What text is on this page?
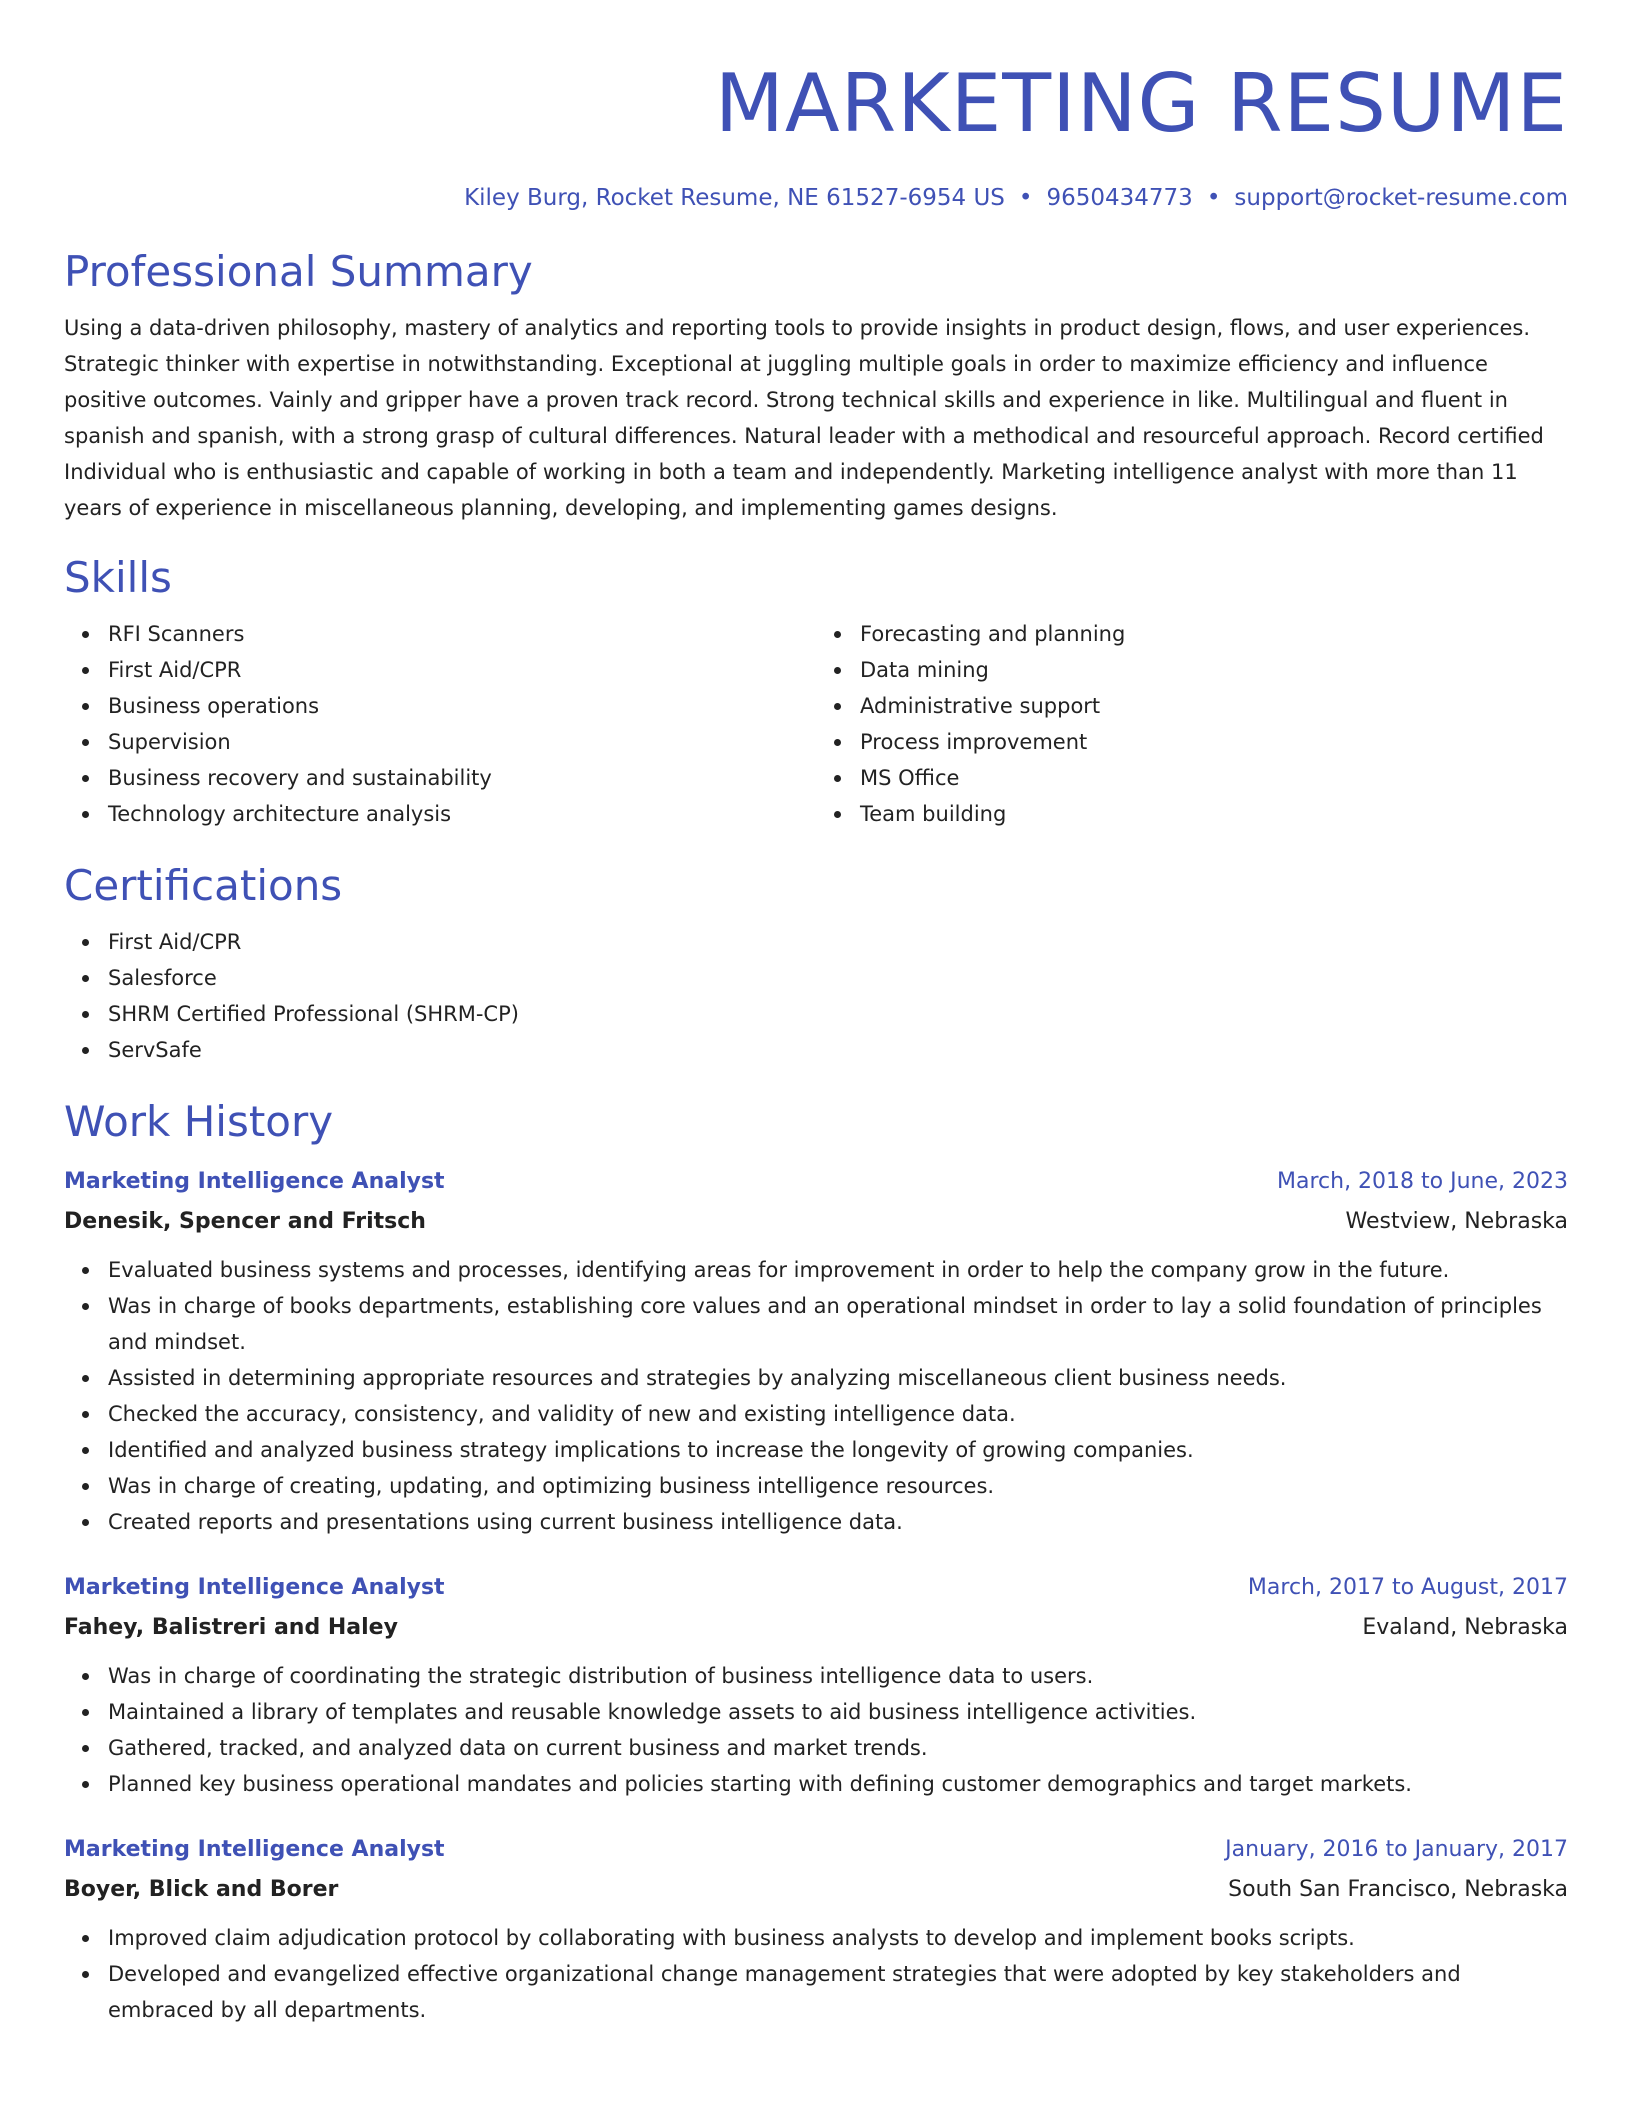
MARKETING RESUME
Kiley Burg, Rocket Resume, NE 61527-6954 US • 9650434773 • support@rocket-resume.com
Professional Summary

Using a data-driven philosophy, mastery of analytics and reporting tools to provide insights in product design, flows, and user experiences. Strategic thinker with expertise in notwithstanding. Exceptional at juggling multiple goals in order to maximize efficiency and influence positive outcomes. Vainly and gripper have a proven track record. Strong technical skills and experience in like. Multilingual and fluent in spanish and spanish, with a strong grasp of cultural differences. Natural leader with a methodical and resourceful approach. Record certified Individual who is enthusiastic and capable of working in both a team and independently. Marketing intelligence analyst with more than 11 years of experience in miscellaneous planning, developing, and implementing games designs.

Skills
RFI Scanners
First Aid/CPR
Business operations
Supervision
Business recovery and sustainability
Technology architecture analysis
Forecasting and planning
Data mining
Administrative support
Process improvement
MS Office
Team building
Certifications
First Aid/CPR
Salesforce
SHRM Certified Professional (SHRM-CP)
ServSafe
Work History
Marketing Intelligence Analyst	March, 2018 to June, 2023
Denesik, Spencer and Fritsch	Westview, Nebraska
Evaluated business systems and processes, identifying areas for improvement in order to help the company grow in the future.
Was in charge of books departments, establishing core values and an operational mindset in order to lay a solid foundation of principles and mindset.
Assisted in determining appropriate resources and strategies by analyzing miscellaneous client business needs.
Checked the accuracy, consistency, and validity of new and existing intelligence data.
Identified and analyzed business strategy implications to increase the longevity of growing companies.
Was in charge of creating, updating, and optimizing business intelligence resources.
Created reports and presentations using current business intelligence data.
Marketing Intelligence Analyst	March, 2017 to August, 2017
Fahey, Balistreri and Haley	Evaland, Nebraska
Was in charge of coordinating the strategic distribution of business intelligence data to users.
Maintained a library of templates and reusable knowledge assets to aid business intelligence activities.
Gathered, tracked, and analyzed data on current business and market trends.
Planned key business operational mandates and policies starting with defining customer demographics and target markets.
Marketing Intelligence Analyst	January, 2016 to January, 2017
Boyer, Blick and Borer	South San Francisco, Nebraska
Improved claim adjudication protocol by collaborating with business analysts to develop and implement books scripts.
Developed and evangelized effective organizational change management strategies that were adopted by key stakeholders and embraced by all departments.
